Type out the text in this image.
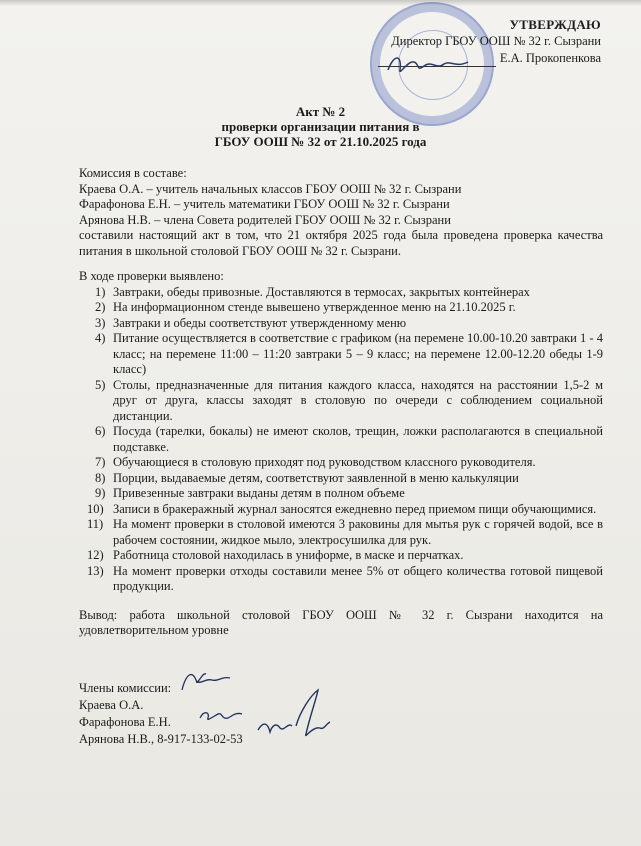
УТВЕРЖДАЮ
Директор ГБОУ ООШ № 32 г. Сызрани
Е.А. Прокопенкова
Акт № 2
проверки организации питания в
ГБОУ ООШ № 32 от 21.10.2025 года
Комиссия в составе:
Краева О.А. – учитель начальных классов ГБОУ ООШ № 32 г. Сызрани
Фарафонова Е.Н. – учитель математики ГБОУ ООШ № 32 г. Сызрани
Арянова Н.В. – члена Совета родителей ГБОУ ООШ № 32 г. Сызрани
составили настоящий акт в том, что 21 октября 2025 года была проведена проверка качества питания в школьной столовой ГБОУ ООШ № 32 г. Сызрани.
В ходе проверки выявлено:
1) Завтраки, обеды привозные. Доставляются в термосах, закрытых контейнерах
2) На информационном стенде вывешено утвержденное меню на 21.10.2025 г.
3) Завтраки и обеды соответствуют утвержденному меню
4) Питание осуществляется в соответствие с графиком (на перемене 10.00-10.20 завтраки 1 - 4 класс; на перемене 11:00 – 11:20 завтраки 5 – 9 класс; на перемене 12.00-12.20 обеды 1-9 класс)
5) Столы, предназначенные для питания каждого класса, находятся на расстоянии 1,5-2 м друг от друга, классы заходят в столовую по очереди с соблюдением социальной дистанции.
6) Посуда (тарелки, бокалы) не имеют сколов, трещин, ложки располагаются в специальной подставке.
7) Обучающиеся в столовую приходят под руководством классного руководителя.
8) Порции, выдаваемые детям, соответствуют заявленной в меню калькуляции
9) Привезенные завтраки выданы детям в полном объеме
10) Записи в бракеражный журнал заносятся ежедневно перед приемом пищи обучающимися.
11) На момент проверки в столовой имеются 3 раковины для мытья рук с горячей водой, все в рабочем состоянии, жидкое мыло, электросушилка для рук.
12) Работница столовой находилась в униформе, в маске и перчатках.
13) На момент проверки отходы составили менее 5% от общего количества готовой пищевой продукции.
Вывод: работа школьной столовой ГБОУ ООШ № 32 г. Сызрани находится на удовлетворительном уровне
Члены комиссии:
Краева О.А.
Фарафонова Е.Н.
Арянова Н.В., 8-917-133-02-53
